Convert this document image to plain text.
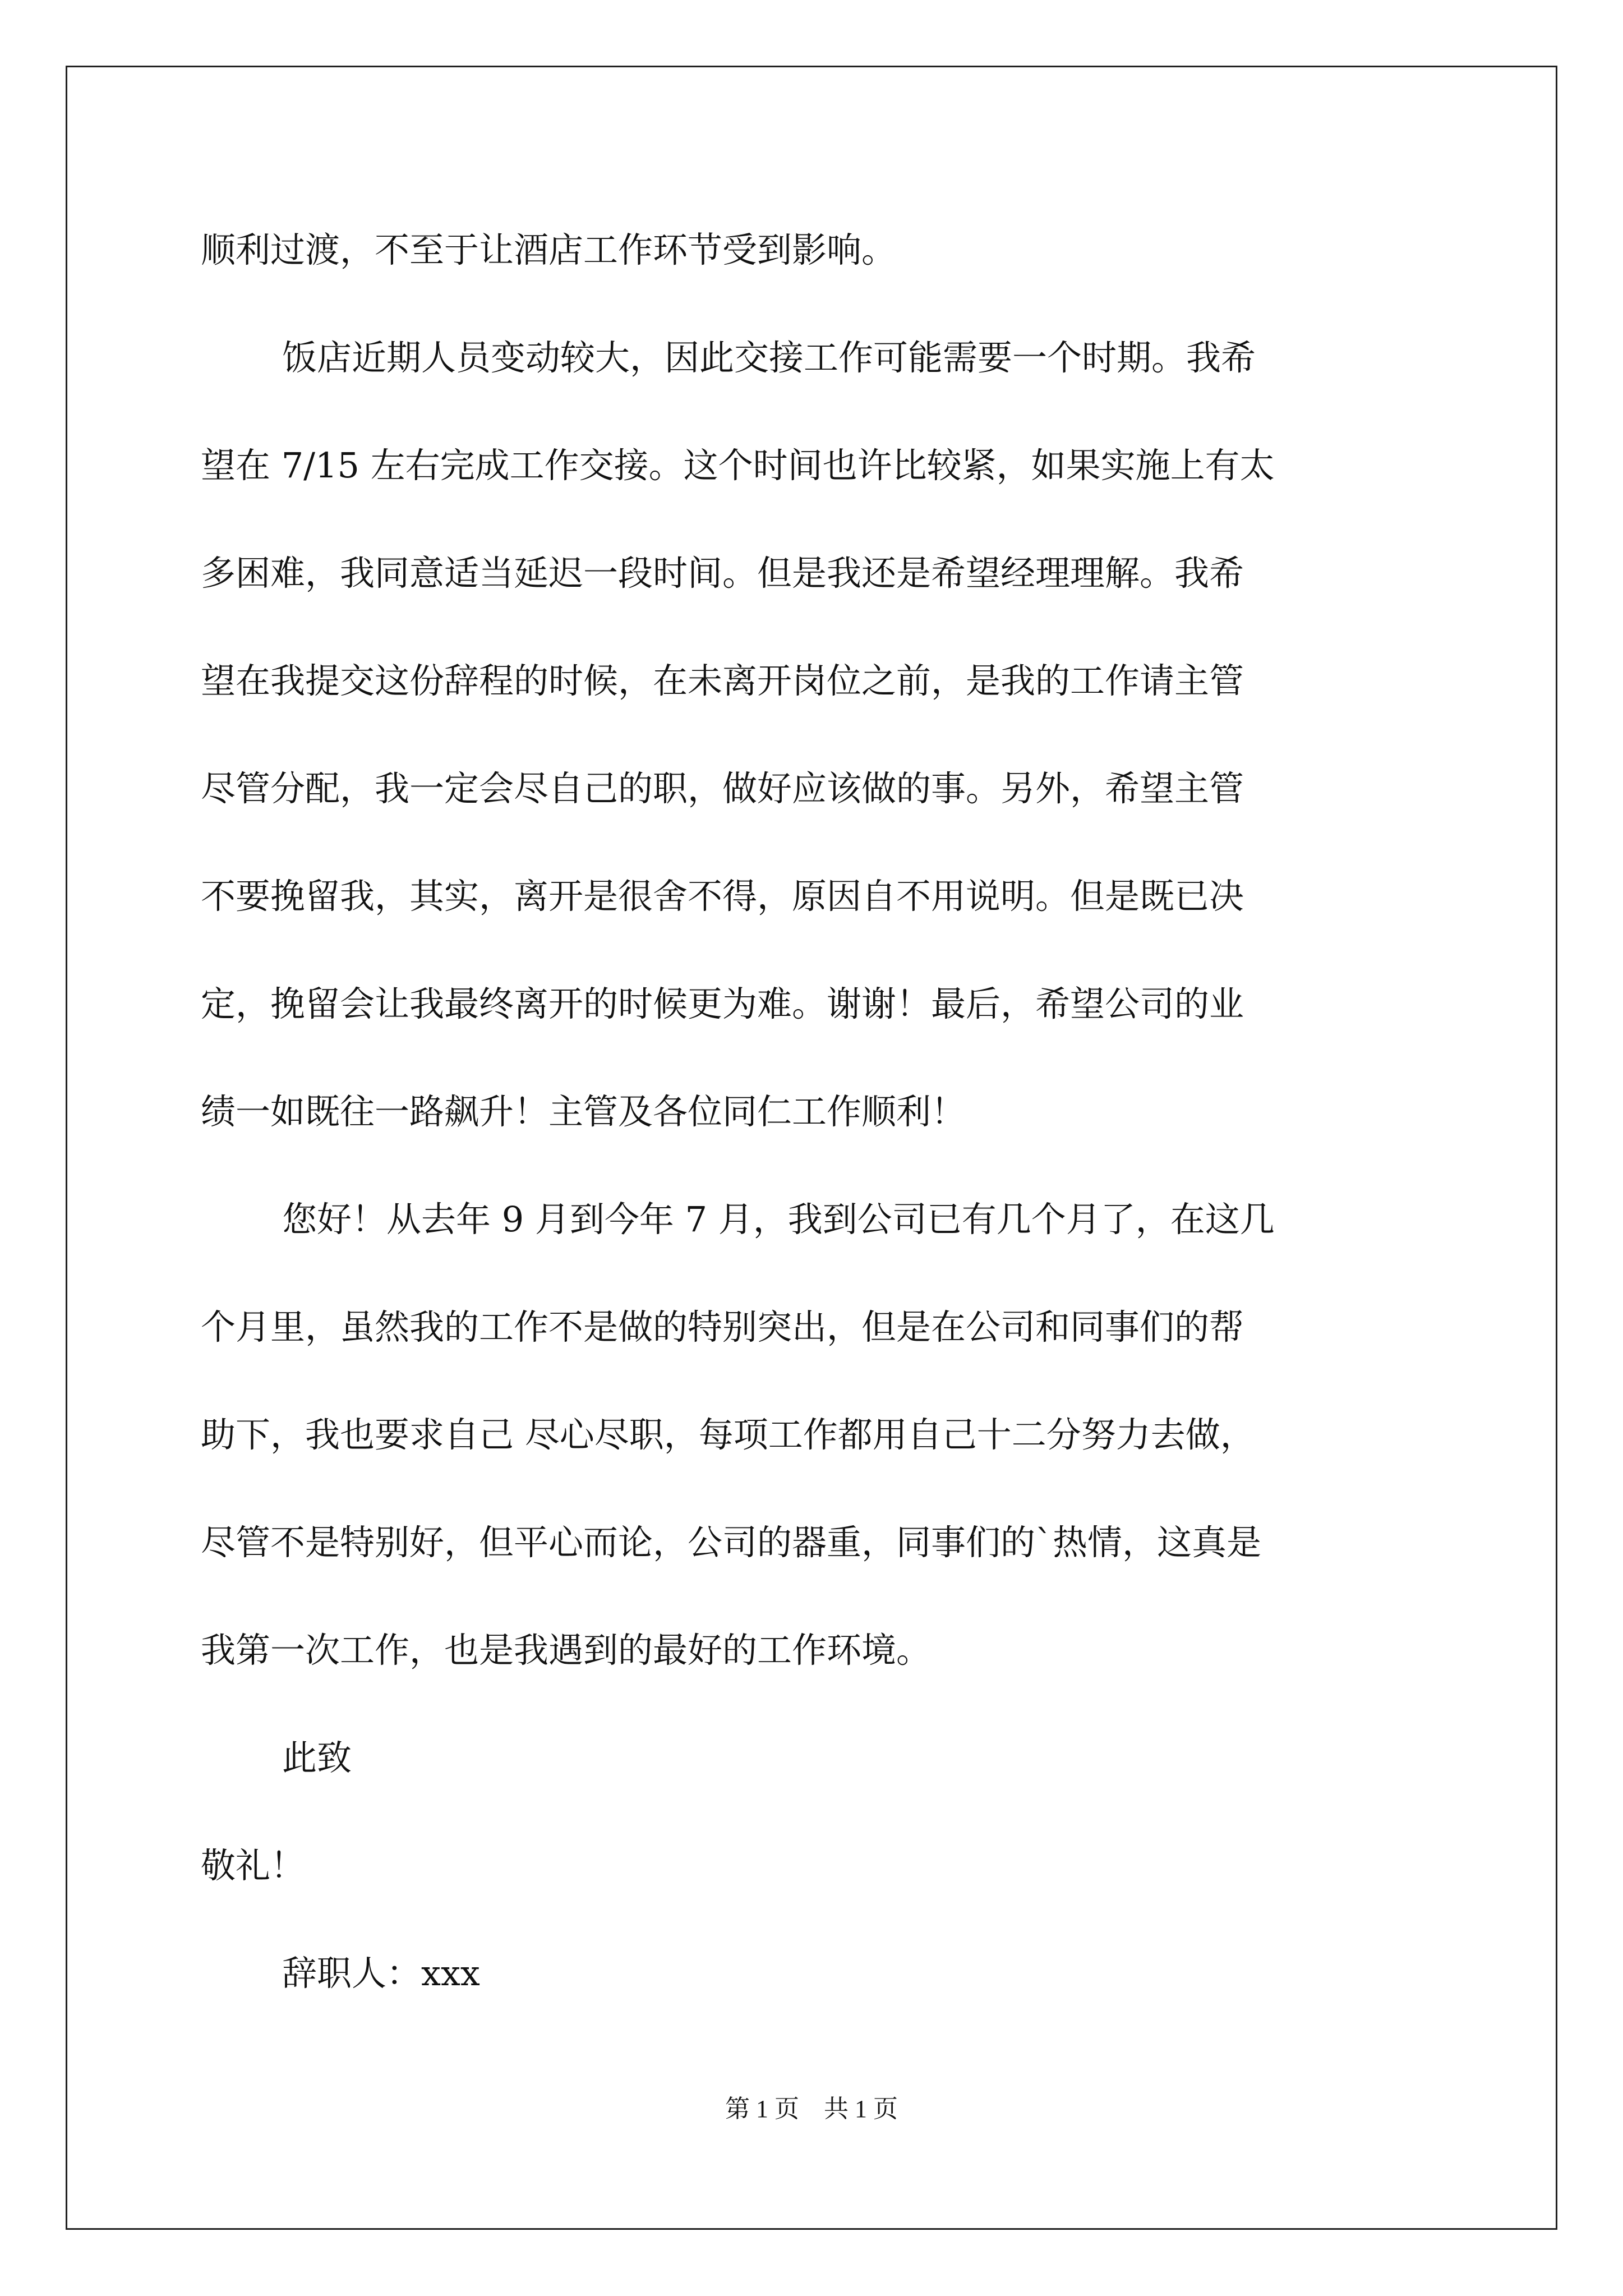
顺利过渡，不至于让酒店工作环节受到影响。
饭店近期人员变动较大，因此交接工作可能需要一个时期。我希
望在 7/15 左右完成工作交接。这个时间也许比较紧，如果实施上有太
多困难，我同意适当延迟一段时间。但是我还是希望经理理解。我希
望在我提交这份辞程的时候，在未离开岗位之前，是我的工作请主管
尽管分配，我一定会尽自己的职，做好应该做的事。另外，希望主管
不要挽留我，其实，离开是很舍不得，原因自不用说明。但是既已决
定，挽留会让我最终离开的时候更为难。谢谢！最后，希望公司的业
绩一如既往一路飙升！主管及各位同仁工作顺利！
您好！从去年 9 月到今年 7 月，我到公司已有几个月了，在这几
个月里，虽然我的工作不是做的特别突出，但是在公司和同事们的帮
助下，我也要求自己 尽心尽职，每项工作都用自己十二分努力去做，
尽管不是特别好，但平心而论，公司的器重，同事们的`热情，这真是
我第一次工作，也是我遇到的最好的工作环境。
此致
敬礼！
辞职人：xxx
第 1 页　共 1 页
